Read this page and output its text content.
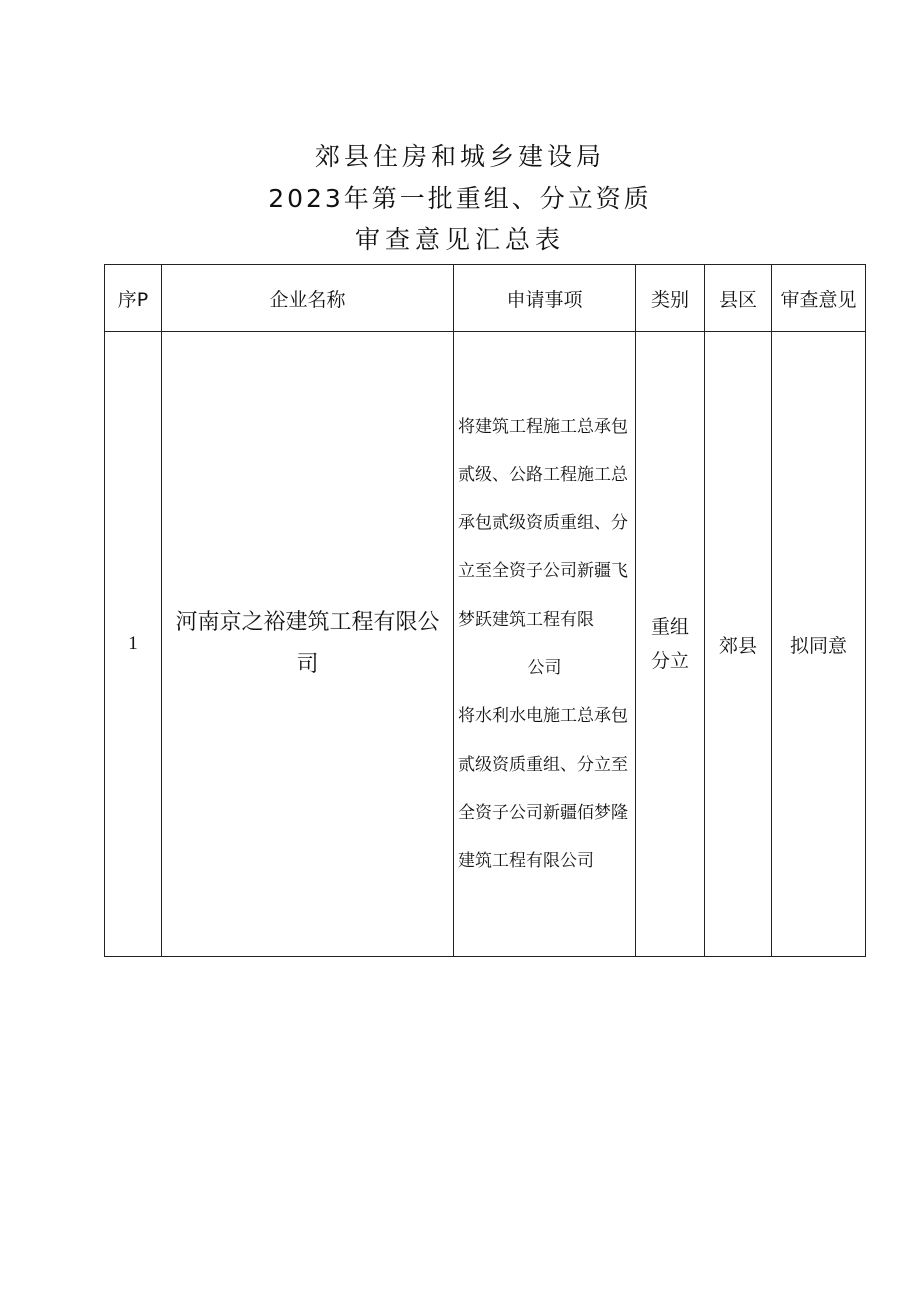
郊县住房和城乡建设局
2023年第一批重组、分立资质
审查意见汇总表
序P	企业名称	申请事项	类别	县区	审查意见
1	河南京之裕建筑工程有限公司	将建筑工程施工总承包贰级、公路工程施工总承包贰级资质重组、分立至全资子公司新疆飞梦跃建筑工程有限
公司
将水利水电施工总承包贰级资质重组、分立至全资子公司新疆佰梦隆建筑工程有限公司	重组分立	郊县	拟同意
